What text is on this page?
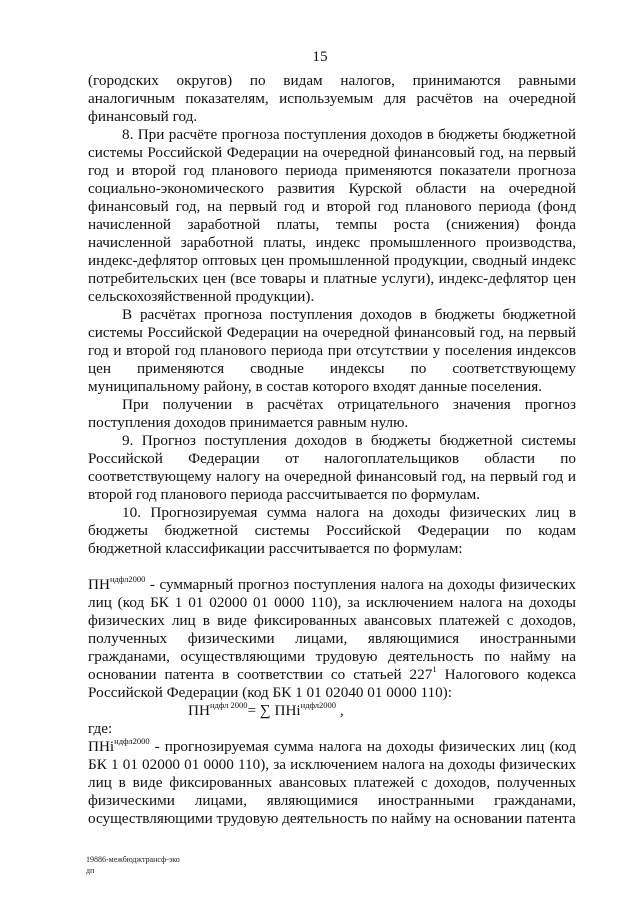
15

(городских округов) по видам налогов, принимаются равными аналогичным показателям, используемым для расчётов на очередной финансовый год.

8. При расчёте прогноза поступления доходов в бюджеты бюджетной системы Российской Федерации на очередной финансовый год, на первый год и второй год планового периода применяются показатели прогноза социально-экономического развития Курской области на очередной финансовый год, на первый год и второй год планового периода (фонд начисленной заработной платы, темпы роста (снижения) фонда начисленной заработной платы, индекс промышленного производства, индекс-дефлятор оптовых цен промышленной продукции, сводный индекс потребительских цен (все товары и платные услуги), индекс-дефлятор цен сельскохозяйственной продукции).

В расчётах прогноза поступления доходов в бюджеты бюджетной системы Российской Федерации на очередной финансовый год, на первый год и второй год планового периода при отсутствии у поселения индексов цен применяются сводные индексы по соответствующему муниципальному району, в состав которого входят данные поселения.

При получении в расчётах отрицательного значения прогноз поступления доходов принимается равным нулю.

9. Прогноз поступления доходов в бюджеты бюджетной системы Российской Федерации от налогоплательщиков области по соответствующему налогу на очередной финансовый год, на первый год и второй год планового периода рассчитывается по формулам.

10. Прогнозируемая сумма налога на доходы физических лиц в бюджеты бюджетной системы Российской Федерации по кодам бюджетной классификации рассчитывается по формулам:

$ПН^{ндфл2000}$ - суммарный прогноз поступления налога на доходы физических лиц (код БК 1 01 02000 01 0000 110), за исключением налога на доходы физических лиц в виде фиксированных авансовых платежей с доходов, полученных физическими лицами, являющимися иностранными гражданами, осуществляющими трудовую деятельность по найму на основании патента в соответствии со статьей $227^1$ Налогового кодекса Российской Федерации (код БК 1 01 02040 01 0000 110):

$ПН^{ндфл 2000}=$ ∑ ПНi$^{ндфл2000}$ ,

где:

ПНi$^{ндфл2000}$ - прогнозируемая сумма налога на доходы физических лиц (код БК 1 01 02000 01 0000 110), за исключением налога на доходы физических лиц в виде фиксированных авансовых платежей с доходов, полученных физическими лицами, являющимися иностранными гражданами, осуществляющими трудовую деятельность по найму на основании патента

19886-межбюджтрансф-эко
дп
